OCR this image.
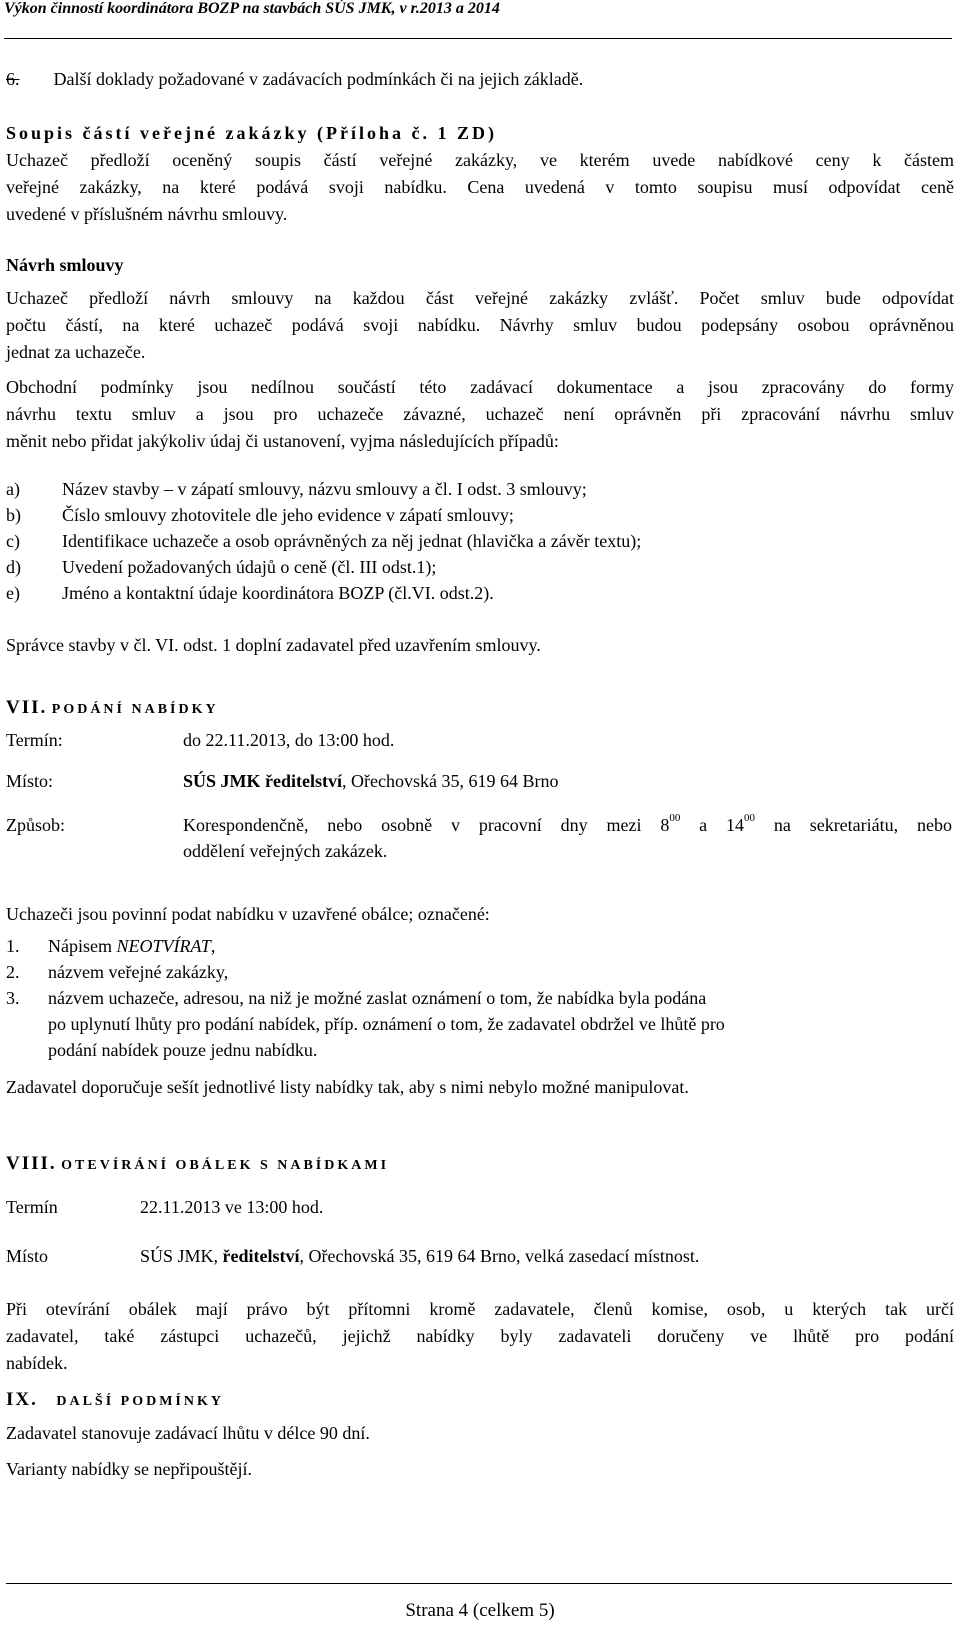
Výkon činností koordinátora BOZP na stavbách SÚS JMK, v r.2013 a 2014
6. Další doklady požadované v zadávacích podmínkách či na jejich základě.
Soupis částí veřejné zakázky (Příloha č. 1 ZD)
Uchazeč předloží oceněný soupis částí veřejné zakázky, ve kterém uvede nabídkové ceny k částem
veřejné zakázky, na které podává svoji nabídku. Cena uvedená v tomto soupisu musí odpovídat ceně
uvedené v příslušném návrhu smlouvy.
Návrh smlouvy
Uchazeč předloží návrh smlouvy na každou část veřejné zakázky zvlášť. Počet smluv bude odpovídat
počtu částí, na které uchazeč podává svoji nabídku. Návrhy smluv budou podepsány osobou oprávněnou
jednat za uchazeče.
Obchodní podmínky jsou nedílnou součástí této zadávací dokumentace a jsou zpracovány do formy
návrhu textu smluv a jsou pro uchazeče závazné, uchazeč není oprávněn při zpracování návrhu smluv
měnit nebo přidat jakýkoliv údaj či ustanovení, vyjma následujících případů:
a) Název stavby – v zápatí smlouvy, názvu smlouvy a čl. I odst. 3 smlouvy;
b) Číslo smlouvy zhotovitele dle jeho evidence v zápatí smlouvy;
c) Identifikace uchazeče a osob oprávněných za něj jednat (hlavička a závěr textu);
d) Uvedení požadovaných údajů o ceně (čl. III odst.1);
e) Jméno a kontaktní údaje koordinátora BOZP (čl.VI. odst.2).
Správce stavby v čl. VI. odst. 1 doplní zadavatel před uzavřením smlouvy.
VII. PODÁNÍ NABÍDKY
Termín:	do 22.11.2013, do 13:00 hod.
Místo:	SÚS JMK ředitelství, Ořechovská 35, 619 64 Brno
Způsob:	Korespondenčně, nebo osobně v pracovní dny mezi $8^{00}$ a $14^{00}$ na sekretariátu, nebo
oddělení veřejných zakázek.
Uchazeči jsou povinní podat nabídku v uzavřené obálce; označené:
1. Nápisem NEOTVÍRAT,
2. názvem veřejné zakázky,
3. názvem uchazeče, adresou, na niž je možné zaslat oznámení o tom, že nabídka byla podána
po uplynutí lhůty pro podání nabídek, příp. oznámení o tom, že zadavatel obdržel ve lhůtě pro
podání nabídek pouze jednu nabídku.
Zadavatel doporučuje sešít jednotlivé listy nabídky tak, aby s nimi nebylo možné manipulovat.
VIII. OTEVÍRÁNÍ OBÁLEK S NABÍDKAMI
Termín	22.11.2013 ve 13:00 hod.
Místo	SÚS JMK, ředitelství, Ořechovská 35, 619 64 Brno, velká zasedací místnost.
Při otevírání obálek mají právo být přítomni kromě zadavatele, členů komise, osob, u kterých tak určí
zadavatel, také zástupci uchazečů, jejichž nabídky byly zadavateli doručeny ve lhůtě pro podání
nabídek.
IX. DALŠÍ PODMÍNKY
Zadavatel stanovuje zadávací lhůtu v délce 90 dní.
Varianty nabídky se nepřipouštějí.
Strana 4 (celkem 5)
